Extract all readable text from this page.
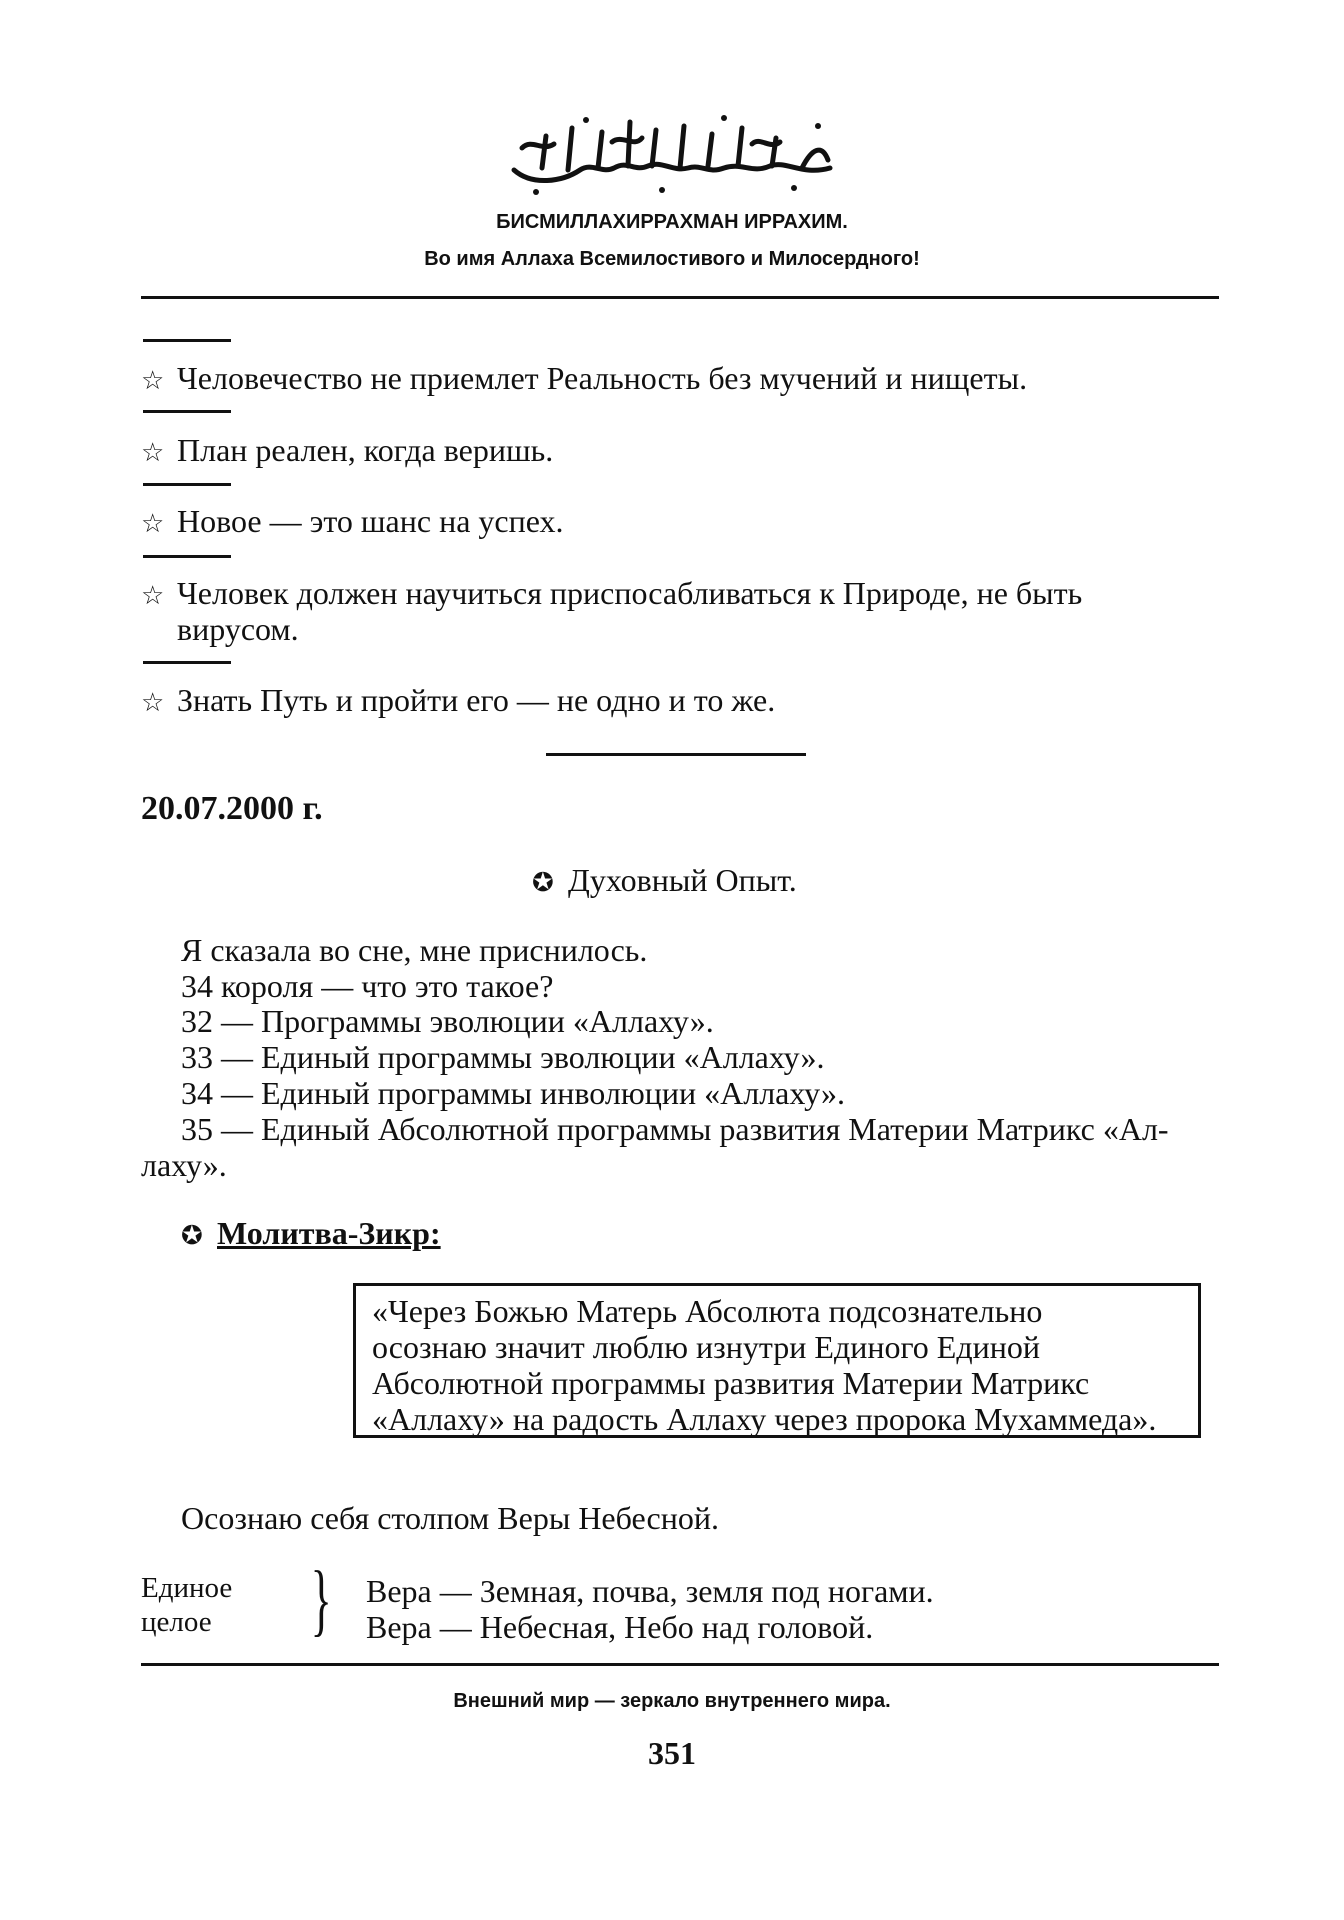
БИСМИЛЛАХИРРАХМАН ИРРАХИМ.
Во имя Аллаха Всемилостивого и Милосердного!
☆ Человечество не приемлет Реальность без мучений и нищеты.
☆ План реален, когда веришь.
☆ Новое — это шанс на успех.
☆ Человек должен научиться приспосабливаться к Природе, не быть
вирусом.
☆ Знать Путь и пройти его — не одно и то же.
20.07.2000 г.
✪ Духовный Опыт.
Я сказала во сне, мне приснилось.
34 короля — что это такое?
32 — Программы эволюции «Аллаху».
33 — Единый программы эволюции «Аллаху».
34 — Единый программы инволюции «Аллаху».
35 — Единый Абсолютной программы развития Материи Матрикс «Ал-
лаху».
✪ Молитва-Зикр:
«Через Божью Матерь Абсолюта подсознательно
осознаю значит люблю изнутри Единого Единой
Абсолютной программы развития Материи Матрикс
«Аллаху» на радость Аллаху через пророка Мухаммеда».
Осознаю себя столпом Веры Небесной.
Единое
целое } Вера — Земная, почва, земля под ногами.
Вера — Небесная, Небо над головой.
Внешний мир — зеркало внутреннего мира.
351
